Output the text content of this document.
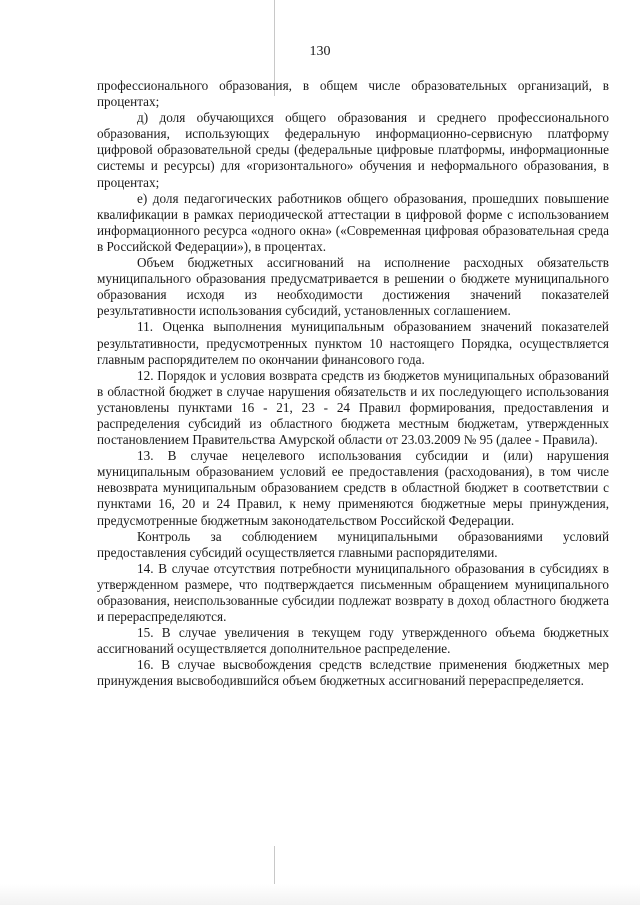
130

профессионального образования, в общем числе образовательных организаций, в процентах;

д) доля обучающихся общего образования и среднего профессионального образования, использующих федеральную информационно-сервисную платформу цифровой образовательной среды (федеральные цифровые платформы, информационные системы и ресурсы) для «горизонтального» обучения и неформального образования, в процентах;

е) доля педагогических работников общего образования, прошедших повышение квалификации в рамках периодической аттестации в цифровой форме с использованием информационного ресурса «одного окна» («Современная цифровая образовательная среда в Российской Федерации»), в процентах.

Объем бюджетных ассигнований на исполнение расходных обязательств муниципального образования предусматривается в решении о бюджете муниципального образования исходя из необходимости достижения значений показателей результативности использования субсидий, установленных соглашением.

11. Оценка выполнения муниципальным образованием значений показателей результативности, предусмотренных пунктом 10 настоящего Порядка, осуществляется главным распорядителем по окончании финансового года.

12. Порядок и условия возврата средств из бюджетов муниципальных образований в областной бюджет в случае нарушения обязательств и их последующего использования установлены пунктами 16 - 21, 23 - 24 Правил формирования, предоставления и распределения субсидий из областного бюджета местным бюджетам, утвержденных постановлением Правительства Амурской области от 23.03.2009 № 95 (далее - Правила).

13. В случае нецелевого использования субсидии и (или) нарушения муниципальным образованием условий ее предоставления (расходования), в том числе невозврата муниципальным образованием средств в областной бюджет в соответствии с пунктами 16, 20 и 24 Правил, к нему применяются бюджетные меры принуждения, предусмотренные бюджетным законодательством Российской Федерации.

Контроль за соблюдением муниципальными образованиями условий предоставления субсидий осуществляется главными распорядителями.

14. В случае отсутствия потребности муниципального образования в субсидиях в утвержденном размере, что подтверждается письменным обращением муниципального образования, неиспользованные субсидии подлежат возврату в доход областного бюджета и перераспределяются.

15. В случае увеличения в текущем году утвержденного объема бюджетных ассигнований осуществляется дополнительное распределение.

16. В случае высвобождения средств вследствие применения бюджетных мер принуждения высвободившийся объем бюджетных ассигнований перераспределяется.
